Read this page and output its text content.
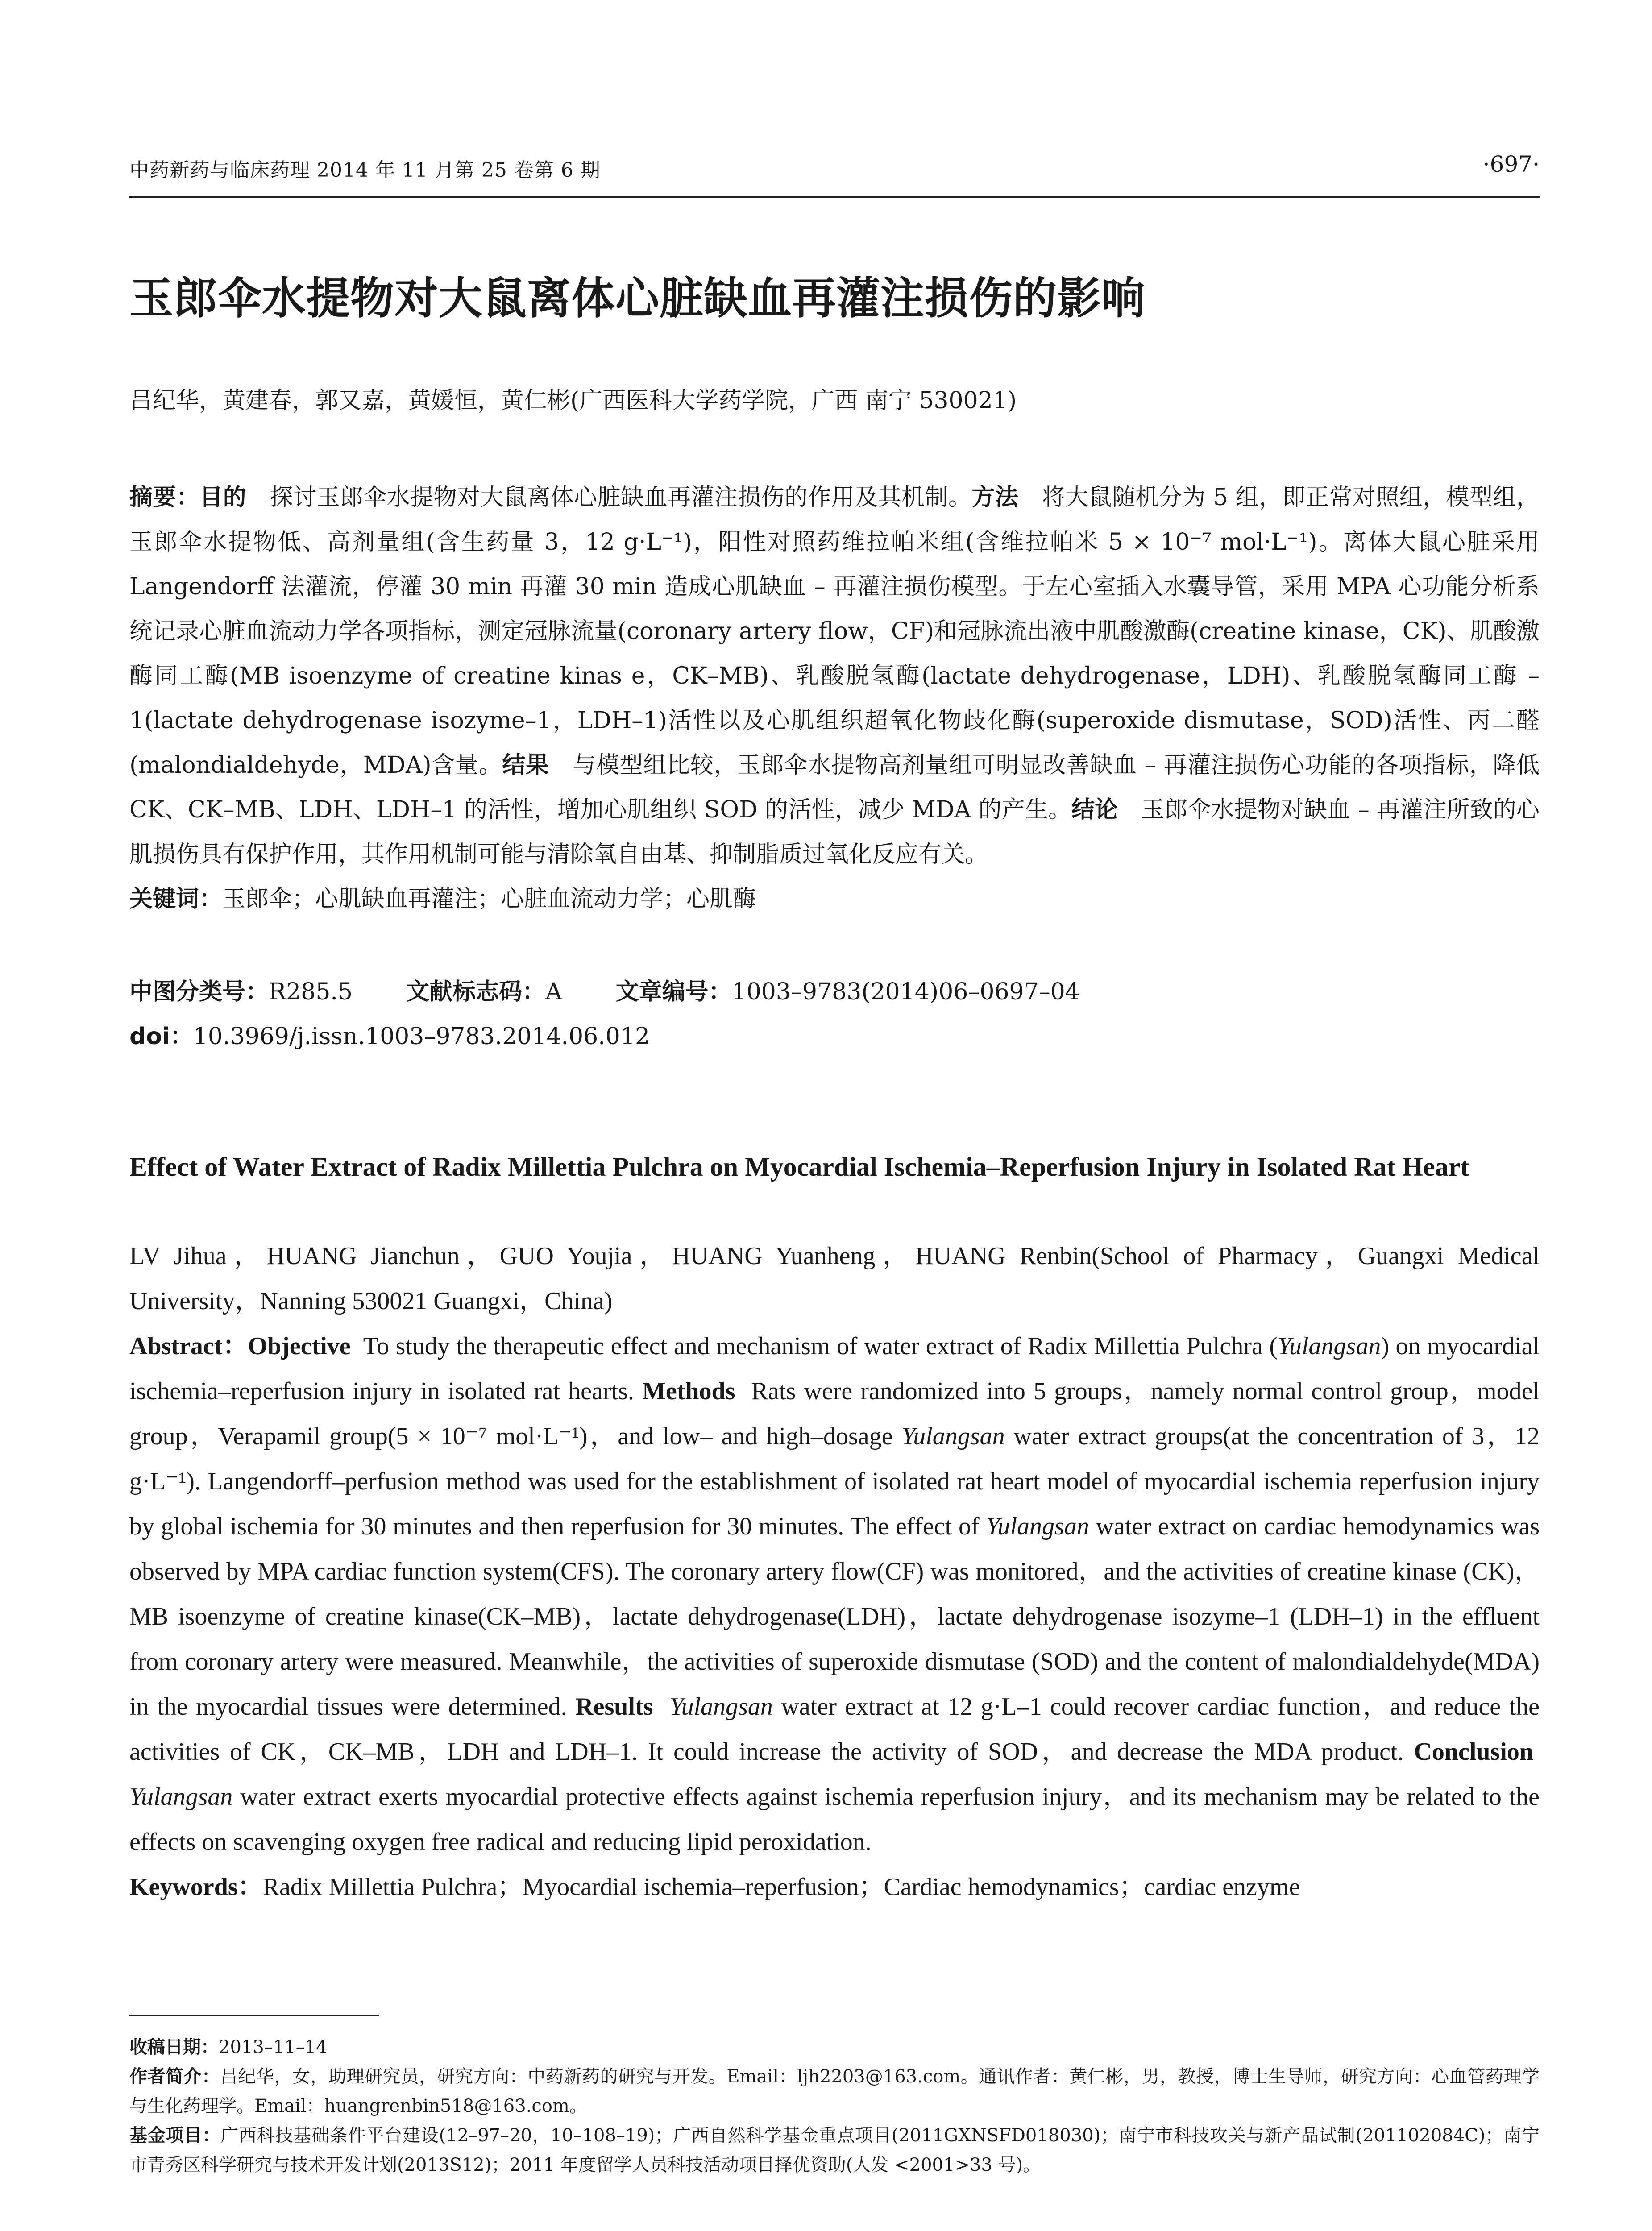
中药新药与临床药理 2014 年 11 月第 25 卷第 6 期	·697·
玉郎伞水提物对大鼠离体心脏缺血再灌注损伤的影响
吕纪华，黄建春，郭又嘉，黄媛恒，黄仁彬(广西医科大学药学院，广西 南宁 530021)

摘要：目的　 探讨玉郎伞水提物对大鼠离体心脏缺血再灌注损伤的作用及其机制。方法　 将大鼠随机分为 5 组，即正常对照组，模型组，玉郎伞水提物低、高剂量组(含生药量 3，12 g·L⁻¹)，阳性对照药维拉帕米组(含维拉帕米 5 × 10⁻⁷ mol·L⁻¹)。离体大鼠心脏采用 Langendorff 法灌流，停灌 30 min 再灌 30 min 造成心肌缺血 – 再灌注损伤模型。于左心室插入水囊导管，采用 MPA 心功能分析系统记录心脏血流动力学各项指标，测定冠脉流量(coronary artery flow，CF)和冠脉流出液中肌酸激酶(creatine kinase，CK)、肌酸激酶同工酶(MB isoenzyme of creatine kinas e，CK–MB)、乳酸脱氢酶(lactate dehydrogenase，LDH)、乳酸脱氢酶同工酶 –1(lactate dehydrogenase isozyme–1，LDH–1)活性以及心肌组织超氧化物歧化酶(superoxide dismutase，SOD)活性、丙二醛(malondialdehyde，MDA)含量。结果　 与模型组比较，玉郎伞水提物高剂量组可明显改善缺血 – 再灌注损伤心功能的各项指标，降低 CK、CK–MB、LDH、LDH–1 的活性，增加心肌组织 SOD 的活性，减少 MDA 的产生。结论　 玉郎伞水提物对缺血 – 再灌注所致的心肌损伤具有保护作用，其作用机制可能与清除氧自由基、抑制脂质过氧化反应有关。

关键词：玉郎伞；心肌缺血再灌注；心脏血流动力学；心肌酶

中图分类号：R285.5 文献标志码：A 文章编号：1003–9783(2014)06–0697–04
doi：10.3969/j.issn.1003–9783.2014.06.012
Effect of Water Extract of Radix Millettia Pulchra on Myocardial Ischemia–Reperfusion Injury in Isolated Rat Heart

LV Jihua，HUANG Jianchun，GUO Youjia，HUANG Yuanheng，HUANG Renbin(School of Pharmacy，Guangxi Medical University，Nanning 530021 Guangxi，China)

Abstract：Objective To study the therapeutic effect and mechanism of water extract of Radix Millettia Pulchra (Yulangsan) on myocardial ischemia–reperfusion injury in isolated rat hearts. Methods Rats were randomized into 5 groups，namely normal control group，model group，Verapamil group(5 × 10⁻⁷ mol·L⁻¹)，and low– and high–dosage Yulangsan water extract groups(at the concentration of 3，12 g·L⁻¹). Langendorff–perfusion method was used for the establishment of isolated rat heart model of myocardial ischemia reperfusion injury by global ischemia for 30 minutes and then reperfusion for 30 minutes. The effect of Yulangsan water extract on cardiac hemodynamics was observed by MPA cardiac function system(CFS). The coronary artery flow(CF) was monitored，and the activities of creatine kinase (CK)，MB isoenzyme of creatine kinase(CK–MB)，lactate dehydrogenase(LDH)，lactate dehydrogenase isozyme–1 (LDH–1) in the effluent from coronary artery were measured. Meanwhile，the activities of superoxide dismutase (SOD) and the content of malondialdehyde(MDA) in the myocardial tissues were determined. Results Yulangsan water extract at 12 g·L–1 could recover cardiac function，and reduce the activities of CK，CK–MB，LDH and LDH–1. It could increase the activity of SOD，and decrease the MDA product. Conclusion  Yulangsan water extract exerts myocardial protective effects against ischemia reperfusion injury，and its mechanism may be related to the effects on scavenging oxygen free radical and reducing lipid peroxidation.

Keywords：Radix Millettia Pulchra；Myocardial ischemia–reperfusion；Cardiac hemodynamics；cardiac enzyme

收稿日期：2013–11–14

作者简介：吕纪华，女，助理研究员，研究方向：中药新药的研究与开发。Email：ljh2203@163.com。通讯作者：黄仁彬，男，教授，博士生导师，研究方向：心血管药理学与生化药理学。Email：huangrenbin518@163.com。

基金项目：广西科技基础条件平台建设(12–97–20，10–108–19)；广西自然科学基金重点项目(2011GXNSFD018030)；南宁市科技攻关与新产品试制(201102084C)；南宁市青秀区科学研究与技术开发计划(2013S12)；2011 年度留学人员科技活动项目择优资助(人发 <2001>33 号)。
